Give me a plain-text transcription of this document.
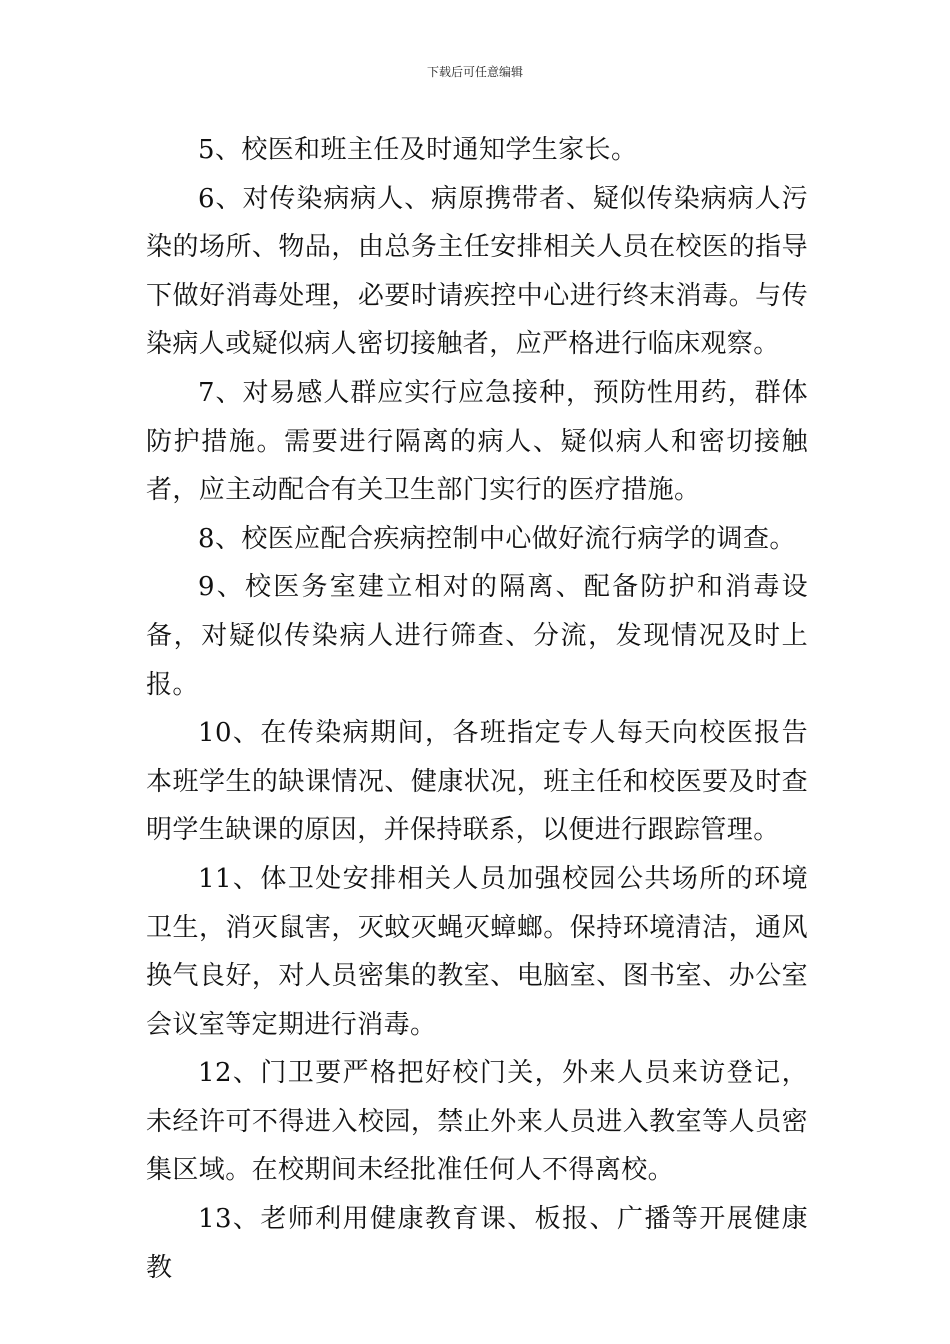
下载后可任意编辑

5、校医和班主任及时通知学生家长。

6、对传染病病人、病原携带者、疑似传染病病人污染的场所、物品，由总务主任安排相关人员在校医的指导下做好消毒处理，必要时请疾控中心进行终末消毒。与传染病人或疑似病人密切接触者，应严格进行临床观察。

7、对易感人群应实行应急接种，预防性用药，群体防护措施。需要进行隔离的病人、疑似病人和密切接触者，应主动配合有关卫生部门实行的医疗措施。

8、校医应配合疾病控制中心做好流行病学的调查。

9、校医务室建立相对的隔离、配备防护和消毒设备，对疑似传染病人进行筛查、分流，发现情况及时上报。

10、在传染病期间，各班指定专人每天向校医报告本班学生的缺课情况、健康状况，班主任和校医要及时查明学生缺课的原因，并保持联系，以便进行跟踪管理。

11、体卫处安排相关人员加强校园公共场所的环境卫生，消灭鼠害，灭蚊灭蝇灭蟑螂。保持环境清洁，通风换气良好，对人员密集的教室、电脑室、图书室、办公室会议室等定期进行消毒。

12、门卫要严格把好校门关，外来人员来访登记，未经许可不得进入校园，禁止外来人员进入教室等人员密集区域。在校期间未经批准任何人不得离校。

13、老师利用健康教育课、板报、广播等开展健康教
